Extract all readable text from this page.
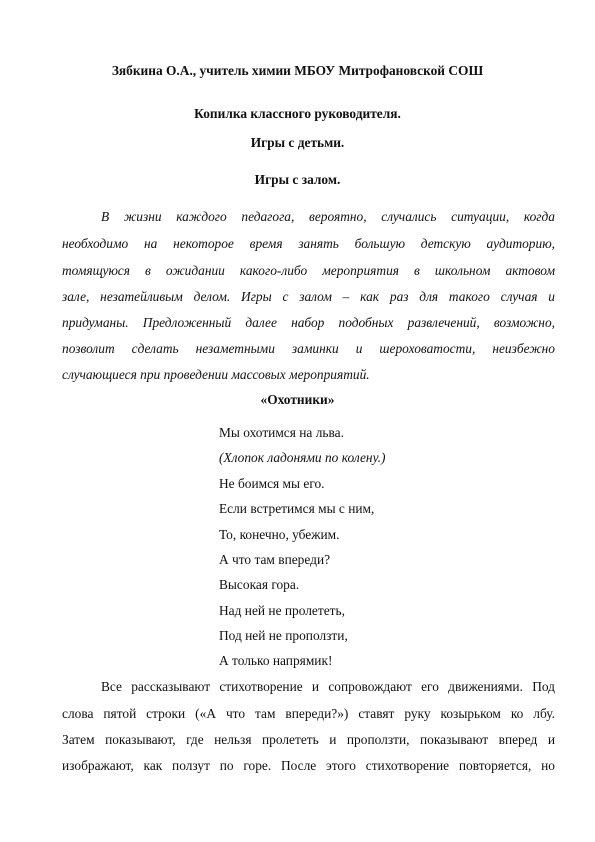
Зябкина О.А., учитель химии МБОУ Митрофановской СОШ
Копилка классного руководителя.
Игры с детьми.
Игры с залом.
В жизни каждого педагога, вероятно, случались ситуации, когда
необходимо на некоторое время занять большую детскую аудиторию,
томящуюся в ожидании какого-либо мероприятия в школьном актовом
зале, незатейливым делом. Игры с залом – как раз для такого случая и
придуманы. Предложенный далее набор подобных развлечений, возможно,
позволит сделать незаметными заминки и шероховатости, неизбежно
случающиеся при проведении массовых мероприятий.
«Охотники»
Мы охотимся на льва.
(Хлопок ладонями по колену.)
Не боимся мы его.
Если встретимся мы с ним,
То, конечно, убежим.
А что там впереди?
Высокая гора.
Над ней не пролететь,
Под ней не проползти,
А только напрямик!
Все рассказывают стихотворение и сопровождают его движениями. Под
слова пятой строки («А что там впереди?») ставят руку козырьком ко лбу.
Затем показывают, где нельзя пролететь и проползти, показывают вперед и
изображают, как ползут по горе. После этого стихотворение повторяется, но
